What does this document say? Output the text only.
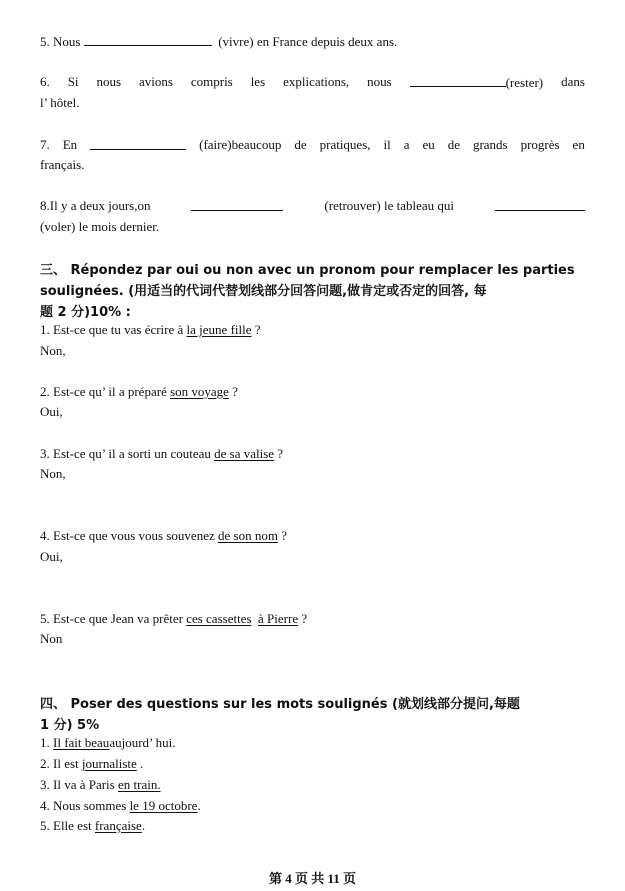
5. Nous	(vivre) en France depuis deux ans.
6. Si nous avions compris les explications, nous	(rester) dans
l’ hôtel.
7. En	(faire)beaucoup de pratiques, il a eu de grands progrès en
français.
8.Il y a deux jours,on	(retrouver) le tableau qui
(voler) le mois dernier.
三、 Répondez par oui ou non avec un pronom pour remplacer les parties
soulignées. (用适当的代词代替划线部分回答问题,做肯定或否定的回答, 每
题 2 分)10% :
1. Est-ce que tu vas écrire à la jeune fille ?
Non,
2. Est-ce qu’ il a préparé son voyage ?
Oui,
3. Est-ce qu’ il a sorti un couteau de sa valise ?
Non,
4. Est-ce que vous vous souvenez de son nom ?
Oui,
5. Est-ce que Jean va prêter ces cassettes à Pierre ?
Non
四、 Poser des questions sur les mots soulignés (就划线部分提问,每题
1 分) 5%
1. Il fait beauaujourd’ hui.
2. Il est journaliste .
3. Il va à Paris en train.
4. Nous sommes le 19 octobre.
5. Elle est française.
第 4 页 共 11 页
